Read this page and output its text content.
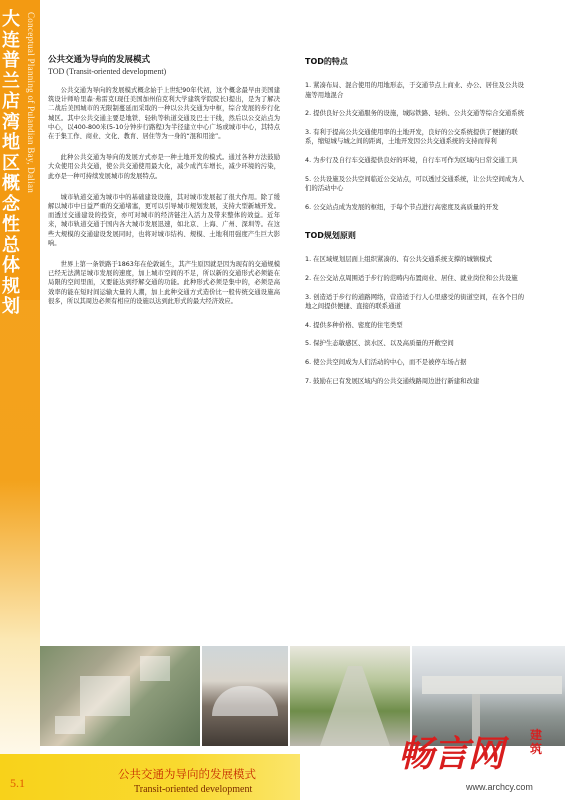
大连普兰店湾地区概念性总体规划
Conceptual Planning of Pulandian Bay, Dalian 公共交通为导向的发展模式
TOD (Transit-oriented development)

公共交通为导向的发展模式概念始于上世纪90年代初，这个概念最早由美国建筑设计师哈里森·弗雷克(现任美国加州伯克利大学建筑学院院长)提出，是为了解决二战后美国城市的无限制蔓延而采取的一种以公共交通为中枢，综合发展的步行化城区。其中公共交通主要是地铁、轻轨等轨道交通及巴士干线，然后以公交站点为中心，以400-800米(5-10分钟步行路程)为半径建立中心广场或城市中心，其特点在于集工作、商业、文化、教育、居住等为一身的“混和用途”。

此种公共交通为导向的发展方式亦是一种土地开发的模式。通过各种方法鼓励大众使用公共交通，使公共交通使用最大化，减少成汽车增长，减少环境的污染，此亦是一种可持续发展城市的发展特点。

城市轨道交通为城市中的基础建设设施，其对城市发展起了很大作用。除了缓解以城市中日益严重的交通堵塞，更可以引导城市规划发展，支持大型新城开发。而透过交通建设的投资，亦可对城市的经济链注入活力及带来整体的效益。近年来，城市轨道交通于国内各大城市发展迅速，如北京、上海、广州、深圳等。在这些大规模的交通建设发展同时，也将对城市结构、规模、土地利用强度产生巨大影响。

世界上第一条铁路于1863年在伦敦诞生，其产生原因就是因为现有的交通规模已经无法满足城市发展的速度，加上城市空间的不足，所以新的交通形式必须能在局限的空间里面，又要能达到纾解交通的功能。此种形式必须是集中的，必须是高效率的能在短时间运输大量的人潮，加上此种交通方式造价比一般传统交通设施高很多，所以其周边必须有相应的设施以达到此形式的最大经济效应。

TOD的特点
1. 紧凑布局、混合使用的用地形态，于交通节点上商业、办公、居住及公共设施等用地混合
2. 提供良好公共交通服务的设施，城际铁路、轻轨、公共交通等综合交通系统
3. 有利于提高公共交通使用率的土地开发，良好的公交系统提供了便捷的联系，缩短城与城之间的距离，土地开发因公共交通系统的支持而得利
4. 为步行及自行车交通提供良好的环境，自行车可作为区域内日常交通工具
5. 公共设施及公共空间临近公交站点，可以透过交通系统，让公共空间成为人们的活动中心
6. 公交站点成为发展的枢纽，于每个节点进行高密度及高质量的开发
TOD规划原则
1. 在区域规划层面上组织紧凑的、有公共交通系统支撑的城镇模式
2. 在公交站点周围适于步行的范畴内布置商业、居住、就业岗位和公共设施
3. 创造适于步行的道路网络，营造适于行人心里感受的街道空间，在各个目的地之间提供便捷、直接的联系通道
4. 提供多种价格、密度的住宅类型
5. 保护生态敏感区、滨水区、以及高质量的开敞空间
6. 使公共空间成为人们活动的中心，而不是被停车场占据
7. 鼓励在已有发展区域内的公共交通线路周边进行新建和改建
5.1
公共交通为导向的发展模式
Transit-oriented development
畅言网 建筑
www.archcy.com
